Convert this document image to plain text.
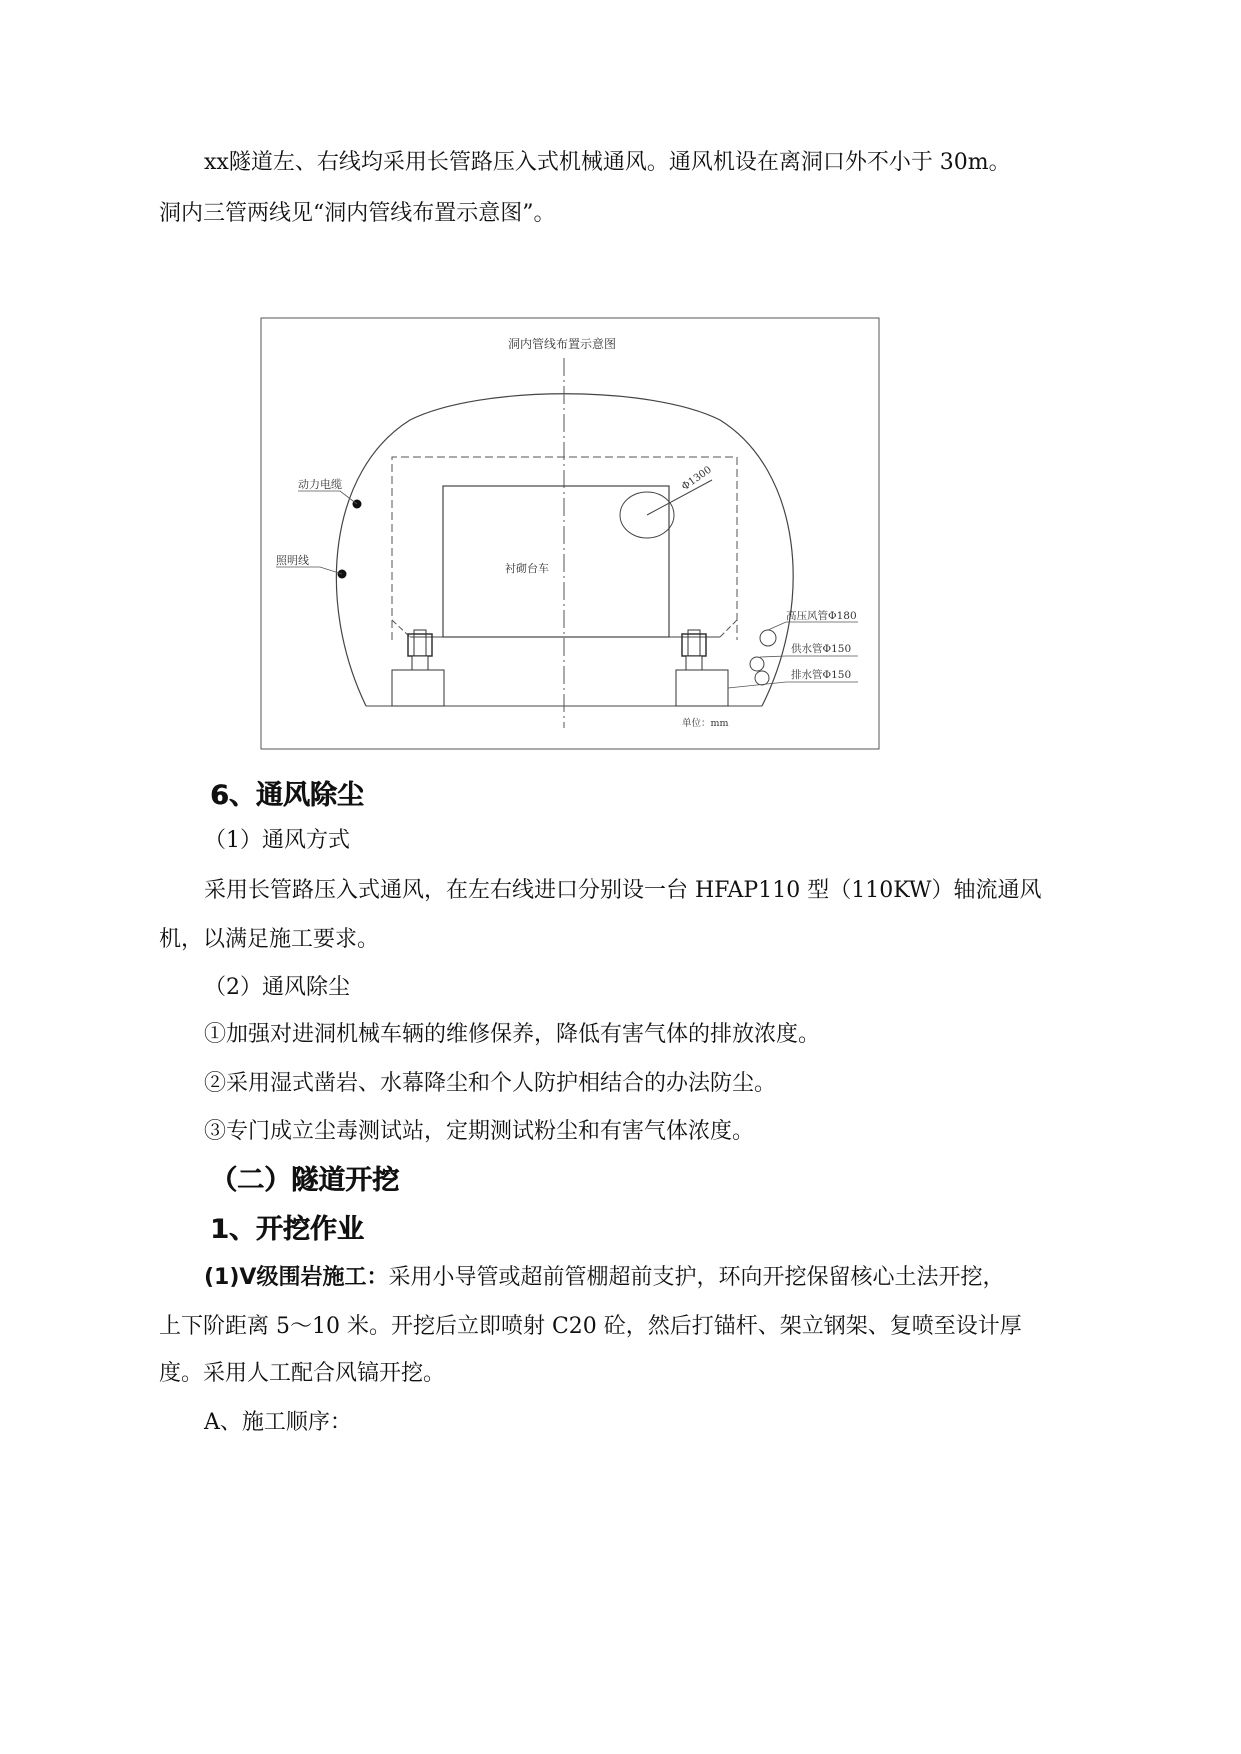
xx隧道左、右线均采用长管路压入式机械通风。通风机设在离洞口外不小于 30m。
洞内三管两线见“洞内管线布置示意图”。
洞内管线布置示意图
衬砌台车
Φ1300
动力电缆
照明线
高压风管Φ180
供水管Φ150
排水管Φ150
单位：mm
6、通风除尘
（1）通风方式
采用长管路压入式通风，在左右线进口分别设一台 HFAP110 型（110KW）轴流通风
机，以满足施工要求。
（2）通风除尘
①加强对进洞机械车辆的维修保养，降低有害气体的排放浓度。
②采用湿式凿岩、水幕降尘和个人防护相结合的办法防尘。
③专门成立尘毒测试站，定期测试粉尘和有害气体浓度。
（二）隧道开挖
1、开挖作业
(1)Ⅴ级围岩施工：采用小导管或超前管棚超前支护，环向开挖保留核心土法开挖，
上下阶距离 5～10 米。开挖后立即喷射 C20 砼，然后打锚杆、架立钢架、复喷至设计厚
度。采用人工配合风镐开挖。
A、施工顺序：
